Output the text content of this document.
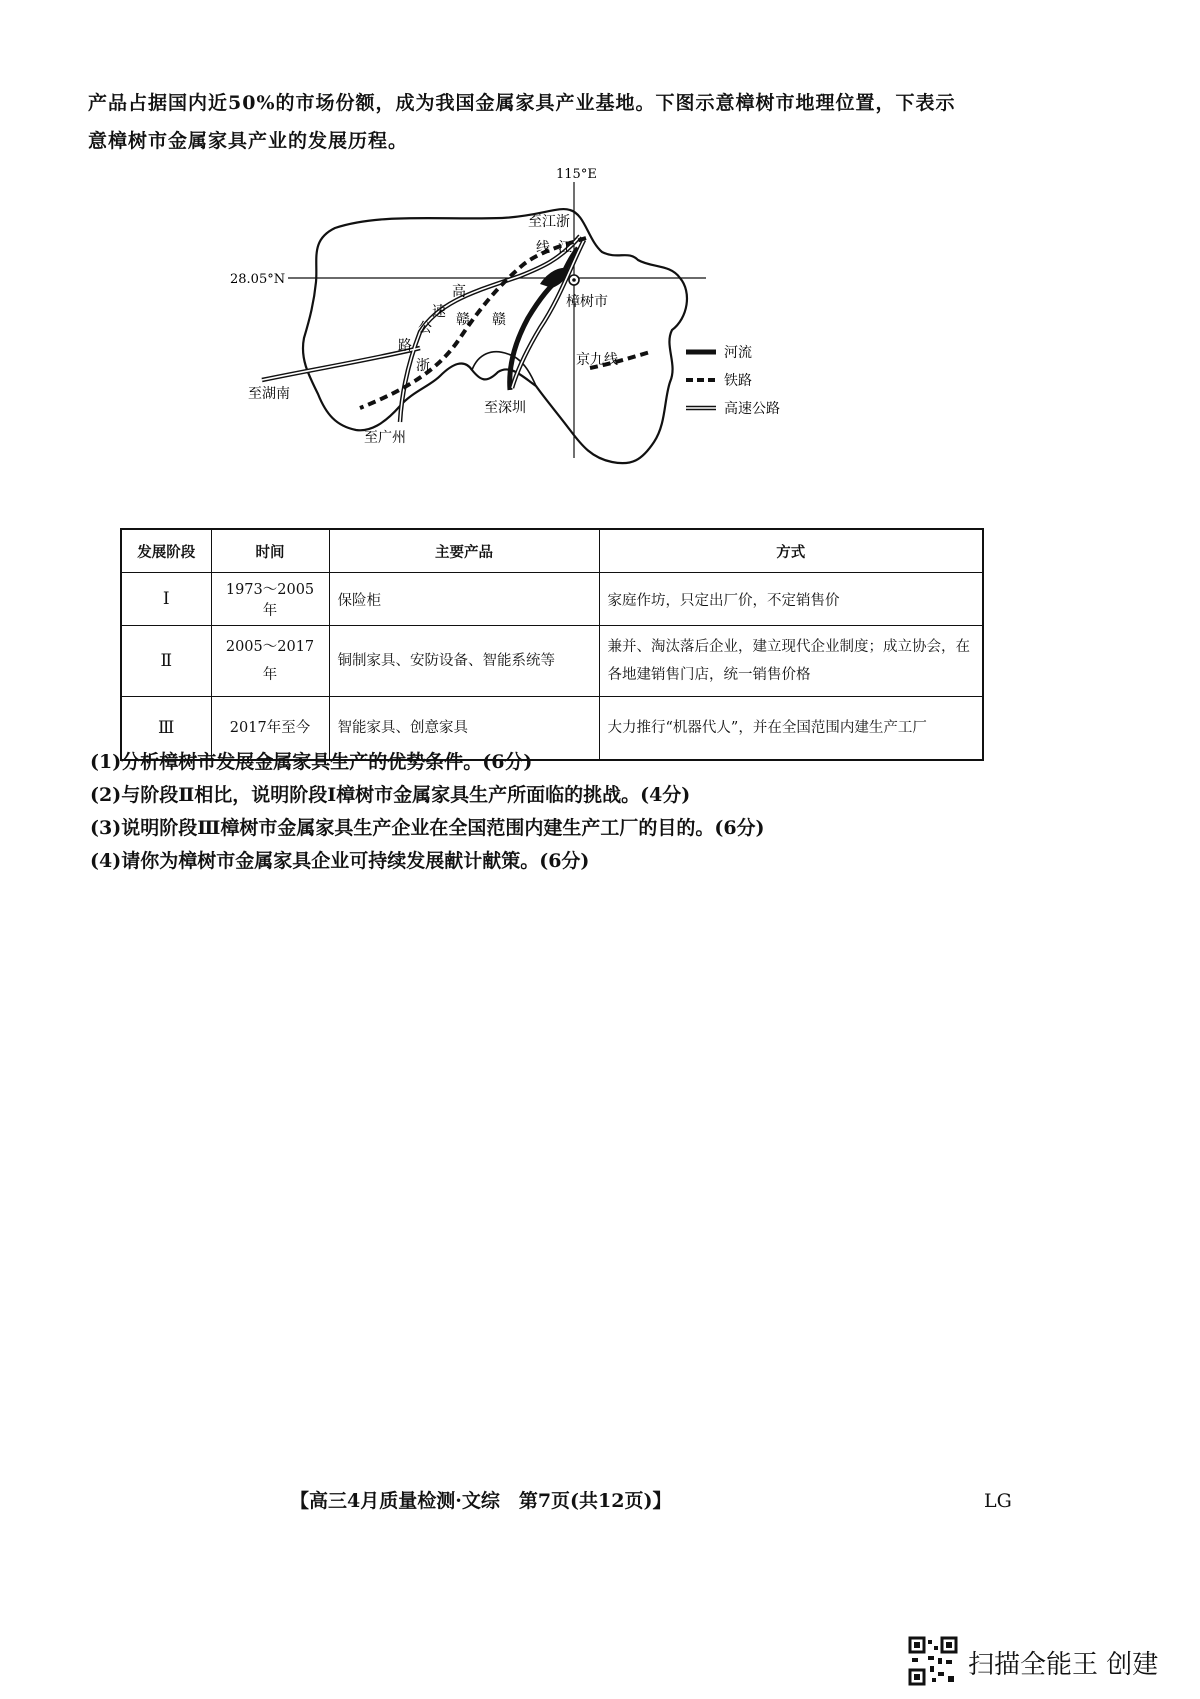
产品占据国内近50%的市场份额，成为我国金属家具产业基地。下图示意樟树市地理位置，下表示
意樟树市金属家具产业的发展历程。
115°E
28.05°N
至江浙
线 江
樟树市
高
速
公
路
赣 赣
浙	京九线
至湖南
至深圳
至广州
河流
铁路
高速公路
发展阶段	时间	主要产品	方式
Ⅰ	1973～2005年	保险柜	家庭作坊，只定出厂价，不定销售价
Ⅱ	2005～2017年	铜制家具、安防设备、智能系统等	兼并、淘汰落后企业，建立现代企业制度；成立协会，在各地建销售门店，统一销售价格
Ⅲ	2017年至今	智能家具、创意家具	大力推行“机器代人”，并在全国范围内建生产工厂
(1)分析樟树市发展金属家具生产的优势条件。(6分)
(2)与阶段Ⅱ相比，说明阶段Ⅰ樟树市金属家具生产所面临的挑战。(4分)
(3)说明阶段Ⅲ樟树市金属家具生产企业在全国范围内建生产工厂的目的。(6分)
(4)请你为樟树市金属家具企业可持续发展献计献策。(6分)
【高三4月质量检测·文综　第7页(共12页)】	LG
扫描全能王 创建
